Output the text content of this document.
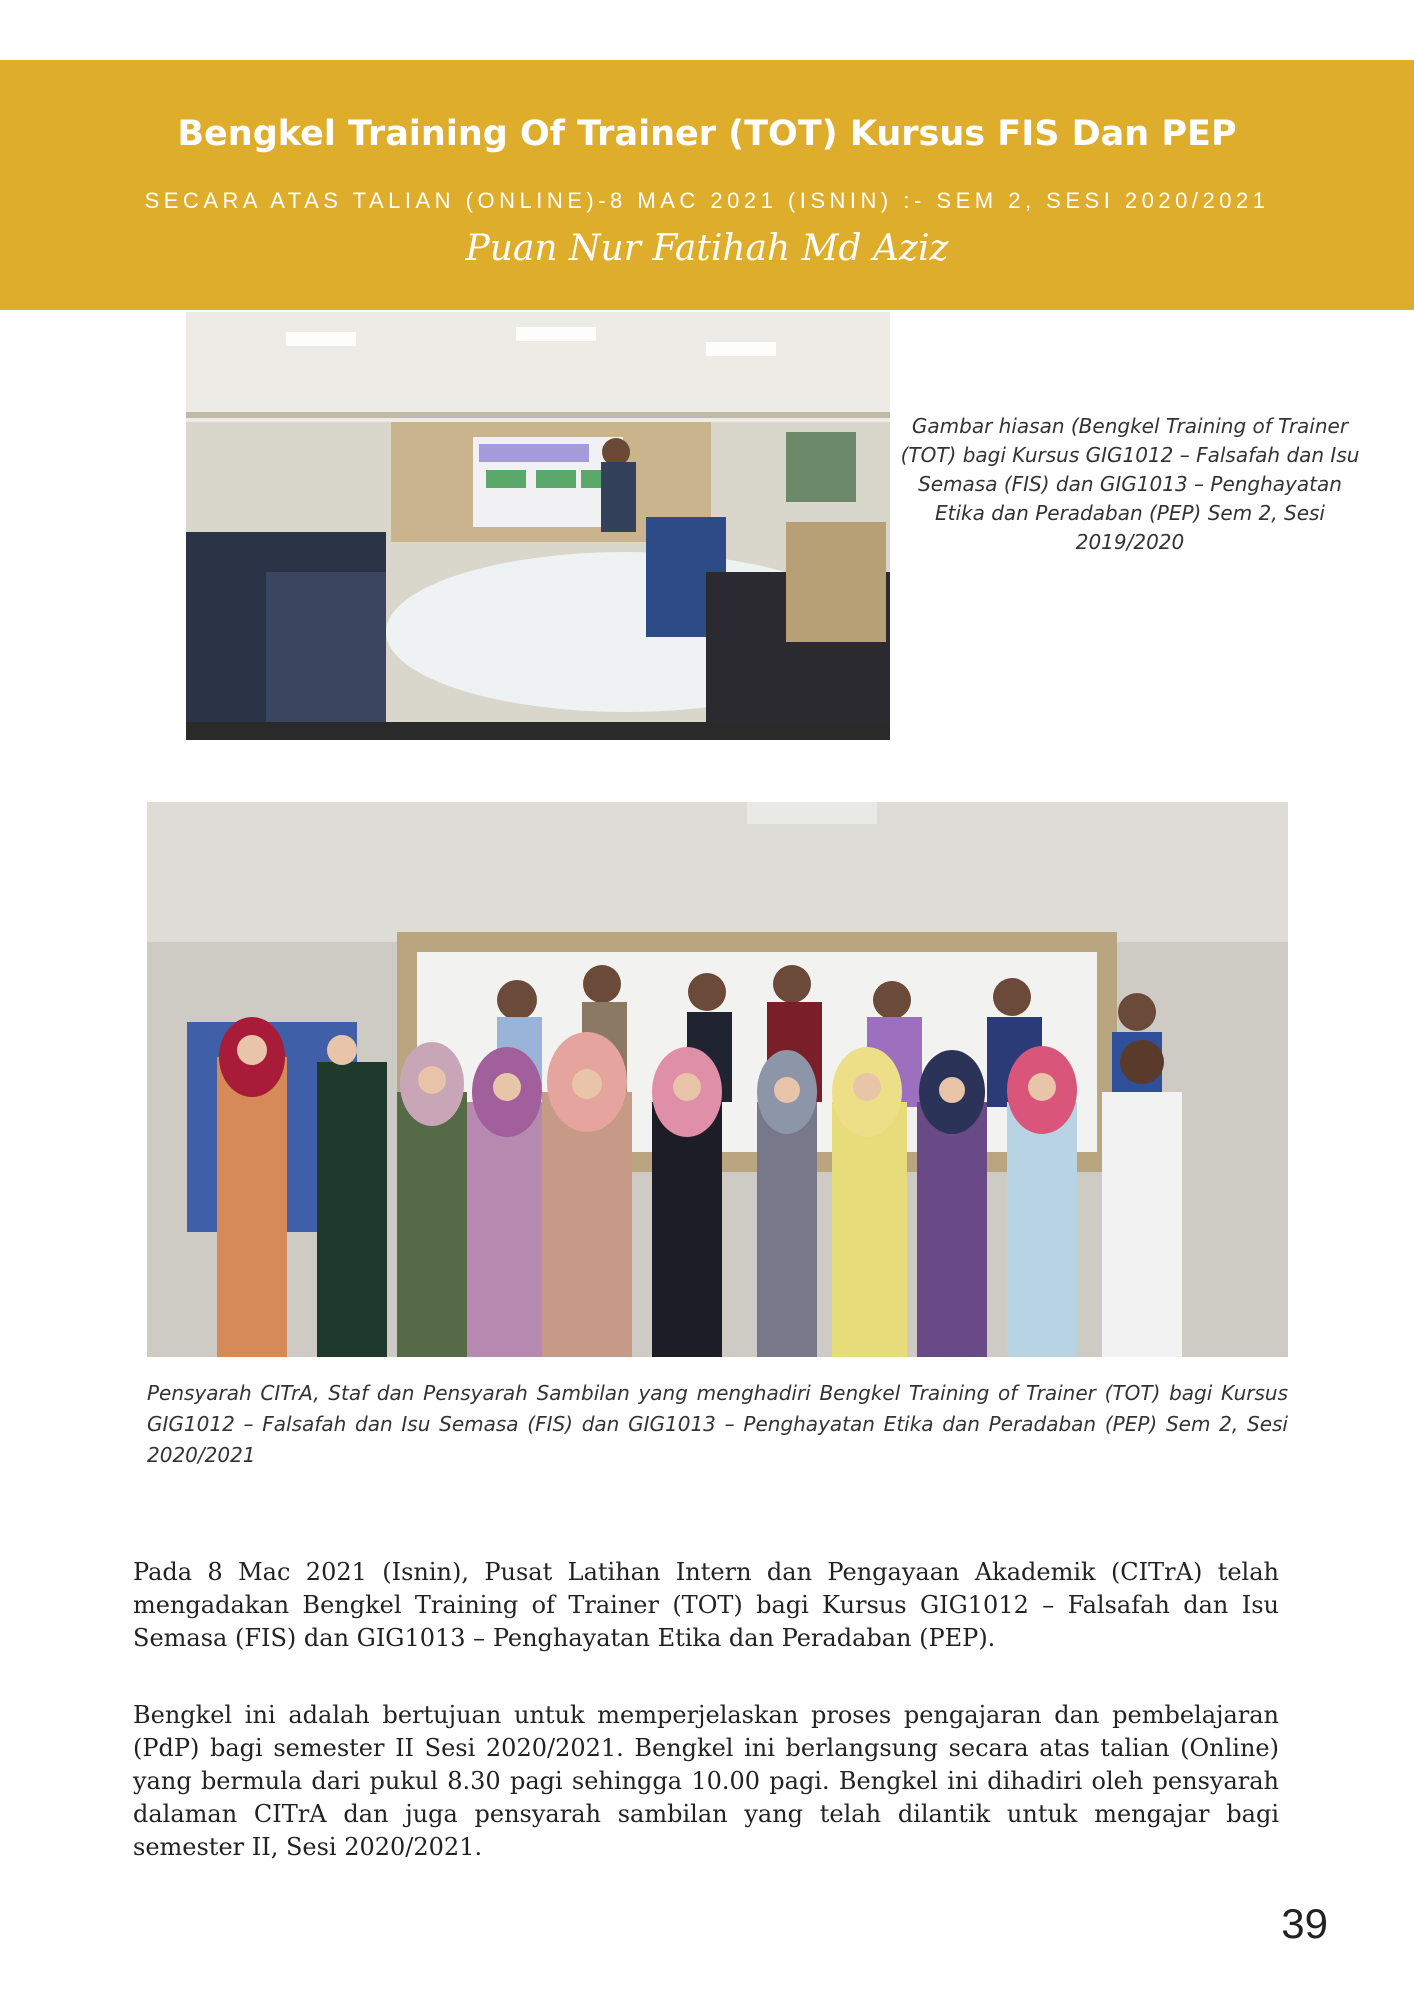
Bengkel Training Of Trainer (TOT) Kursus FIS Dan PEP
SECARA ATAS TALIAN (ONLINE)-8 MAC 2021 (ISNIN) :- SEM 2, SESI 2020/2021
Puan Nur Fatihah Md Aziz
Gambar hiasan (Bengkel Training of Trainer (TOT) bagi Kursus GIG1012 – Falsafah dan Isu Semasa (FIS) dan GIG1013 – Penghayatan Etika dan Peradaban (PEP) Sem 2, Sesi 2019/2020
Pensyarah CITrA, Staf dan Pensyarah Sambilan yang menghadiri Bengkel Training of Trainer (TOT) bagi Kursus GIG1012 – Falsafah dan Isu Semasa (FIS) dan GIG1013 – Penghayatan Etika dan Peradaban (PEP) Sem 2, Sesi 2020/2021
Pada 8 Mac 2021 (Isnin), Pusat Latihan Intern dan Pengayaan Akademik (CITrA) telah mengadakan Bengkel Training of Trainer (TOT) bagi Kursus GIG1012 – Falsafah dan Isu Semasa (FIS) dan GIG1013 – Penghayatan Etika dan Peradaban (PEP).
Bengkel ini adalah bertujuan untuk memperjelaskan proses pengajaran dan pembelajaran (PdP) bagi semester II Sesi 2020/2021. Bengkel ini berlangsung secara atas talian (Online) yang bermula dari pukul 8.30 pagi sehingga 10.00 pagi. Bengkel ini dihadiri oleh pensyarah dalaman CITrA dan juga pensyarah sambilan yang telah dilantik untuk mengajar bagi semester II, Sesi 2020/2021.
39
